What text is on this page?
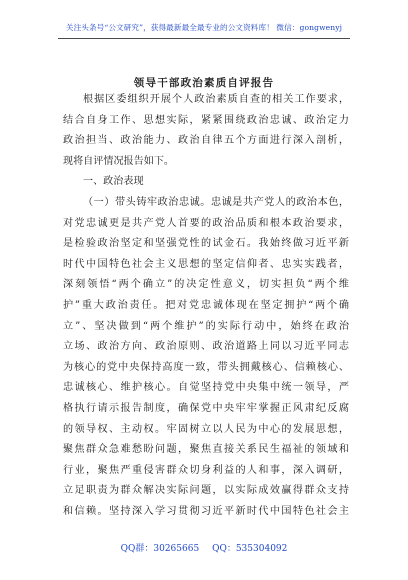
关注头条号“公文研究”，获得最新最全最专业的公文资料库！ 微信：gongwenyj
领导干部政治素质自评报告
根据区委组织开展个人政治素质自查的相关工作要求，
结合自身工作、思想实际，紧紧围绕政治忠诚、政治定力
政治担当、政治能力、政治自律五个方面进行深入剖析，
现将自评情况报告如下。
一、政治表现
（一）带头铸牢政治忠诚。忠诚是共产党人的政治本色，
对党忠诚更是共产党人首要的政治品质和根本政治要求，
是检验政治坚定和坚强党性的试金石。我始终做习近平新
时代中国特色社会主义思想的坚定信仰者、忠实实践者，
深刻领悟“两个确立”的决定性意义，切实担负“两个维
护”重大政治责任。把对党忠诚体现在坚定拥护“两个确
立”、坚决做到“两个维护”的实际行动中，始终在政治
立场、政治方向、政治原则、政治道路上同以习近平同志
为核心的党中央保持高度一致，带头拥戴核心、信赖核心、
忠诚核心、维护核心。自觉坚持党中央集中统一领导，严
格执行请示报告制度，确保党中央牢牢掌握正风肃纪反腐
的领导权、主动权。牢固树立以人民为中心的发展思想，
聚焦群众急难愁盼问题，聚焦直接关系民生福祉的领域和
行业，聚焦严重侵害群众切身利益的人和事，深入调研，
立足职责为群众解决实际问题，以实际成效赢得群众支持
和信赖。坚持深入学习贯彻习近平新时代中国特色社会主
QQ群：30265665 QQ：535304092
